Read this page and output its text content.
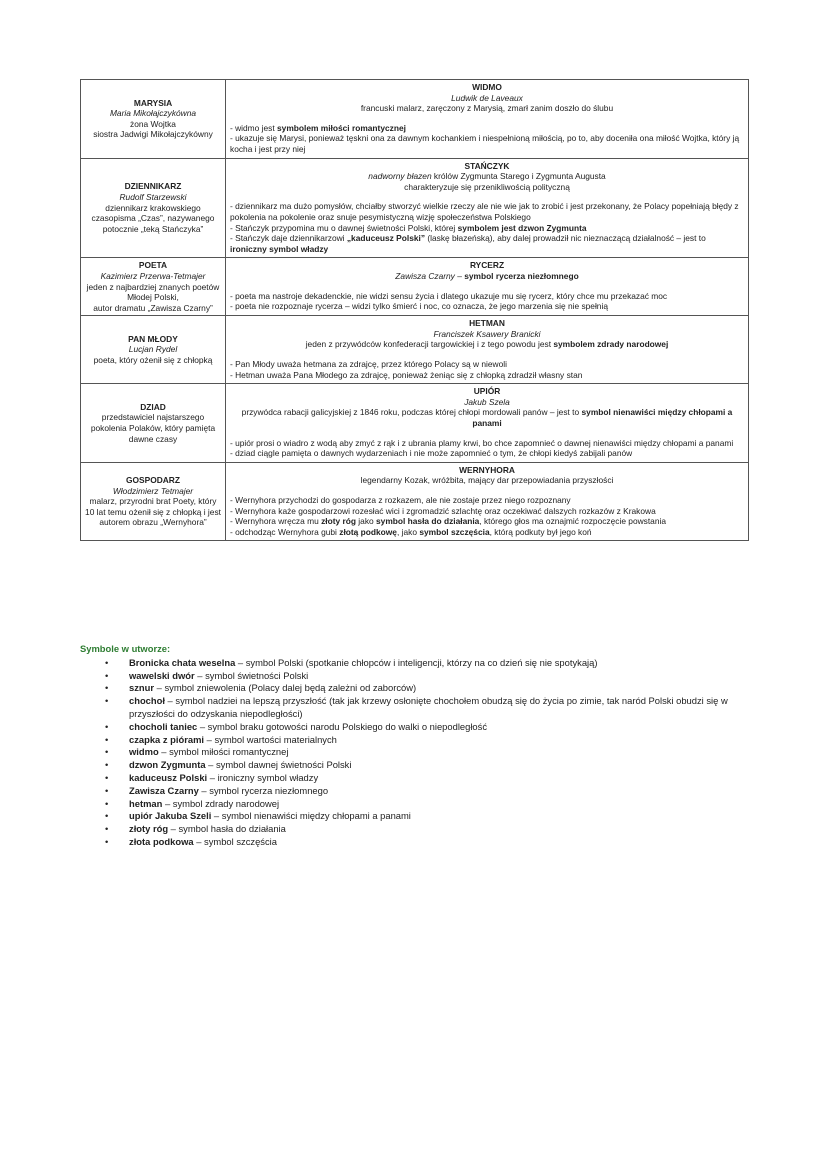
MARYSIA
Maria Mikołajczykówna
żona Wojtka
siostra Jadwigi Mikołajczykówny
WIDMO
Ludwik de Laveaux
francuski malarz, zaręczony z Marysią, zmarł zanim doszło do ślubu
- widmo jest symbolem miłości romantycznej
- ukazuje się Marysi, ponieważ tęskni ona za dawnym kochankiem i niespełnioną miłością, po to, aby doceniła ona miłość Wojtka, który ją kocha i jest przy niej
DZIENNIKARZ
Rudolf Starzewski
dziennikarz krakowskiego czasopisma „Czas”, nazywanego potocznie „teką Stańczyka”
STAŃCZYK
nadworny błazen królów Zygmunta Starego i Zygmunta Augusta
charakteryzuje się przenikliwością polityczną
- dziennikarz ma dużo pomysłów, chciałby stworzyć wielkie rzeczy ale nie wie jak to zrobić i jest przekonany, że Polacy popełniają błędy z pokolenia na pokolenie oraz snuje pesymistyczną wizję społeczeństwa Polskiego
- Stańczyk przypomina mu o dawnej świetności Polski, której symbolem jest dzwon Zygmunta
- Stańczyk daje dziennikarzowi „kaduceusz Polski” (laskę błazeńską), aby dalej prowadził nic nieznaczącą działalność – jest to ironiczny symbol władzy
POETA
Kazimierz Przerwa-Tetmajer
jeden z najbardziej znanych poetów Młodej Polski,
autor dramatu „Zawisza Czarny”
RYCERZ
Zawisza Czarny – symbol rycerza niezłomnego
- poeta ma nastroje dekadenckie, nie widzi sensu życia i dlatego ukazuje mu się rycerz, który chce mu przekazać moc
- poeta nie rozpoznaje rycerza – widzi tylko śmierć i noc, co oznacza, że jego marzenia się nie spełnią
PAN MŁODY
Lucjan Rydel
poeta, który ożenił się z chłopką
HETMAN
Franciszek Ksawery Branicki
jeden z przywódców konfederacji targowickiej i z tego powodu jest symbolem zdrady narodowej
- Pan Młody uważa hetmana za zdrajcę, przez którego Polacy są w niewoli
- Hetman uważa Pana Młodego za zdrajcę, ponieważ żeniąc się z chłopką zdradził własny stan
DZIAD
przedstawiciel najstarszego pokolenia Polaków, który pamięta dawne czasy
UPIÓR
Jakub Szela
przywódca rabacji galicyjskiej z 1846 roku, podczas której chłopi mordowali panów – jest to symbol nienawiści między chłopami a panami
- upiór prosi o wiadro z wodą aby zmyć z rąk i z ubrania plamy krwi, bo chce zapomnieć o dawnej nienawiści między chłopami a panami
- dziad ciągle pamięta o dawnych wydarzeniach i nie może zapomnieć o tym, że chłopi kiedyś zabijali panów
GOSPODARZ
Włodzimierz Tetmajer
malarz, przyrodni brat Poety, który 10 lat temu ożenił się z chłopką i jest autorem obrazu „Wernyhora”
WERNYHORA
legendarny Kozak, wróżbita, mający dar przepowiadania przyszłości
- Wernyhora przychodzi do gospodarza z rozkazem, ale nie zostaje przez niego rozpoznany
- Wernyhora każe gospodarzowi rozesłać wici i zgromadzić szlachtę oraz oczekiwać dalszych rozkazów z Krakowa
- Wernyhora wręcza mu złoty róg jako symbol hasła do działania, którego głos ma oznajmić rozpoczęcie powstania
- odchodząc Wernyhora gubi złotą podkowę, jako symbol szczęścia, którą podkuty był jego koń
Symbole w utworze:
• Bronicka chata weselna – symbol Polski (spotkanie chłopców i inteligencji, którzy na co dzień się nie spotykają)
• wawelski dwór – symbol świetności Polski
• sznur – symbol zniewolenia (Polacy dalej będą zależni od zaborców)
• chochoł – symbol nadziei na lepszą przyszłość (tak jak krzewy osłonięte chochołem obudzą się do życia po zimie, tak naród Polski obudzi się w przyszłości do odzyskania niepodległości)
• chocholi taniec – symbol braku gotowości narodu Polskiego do walki o niepodległość
• czapka z piórami – symbol wartości materialnych
• widmo – symbol miłości romantycznej
• dzwon Zygmunta – symbol dawnej świetności Polski
• kaduceusz Polski – ironiczny symbol władzy
• Zawisza Czarny – symbol rycerza niezłomnego
• hetman – symbol zdrady narodowej
• upiór Jakuba Szeli – symbol nienawiści między chłopami a panami
• złoty róg – symbol hasła do działania
• złota podkowa – symbol szczęścia
